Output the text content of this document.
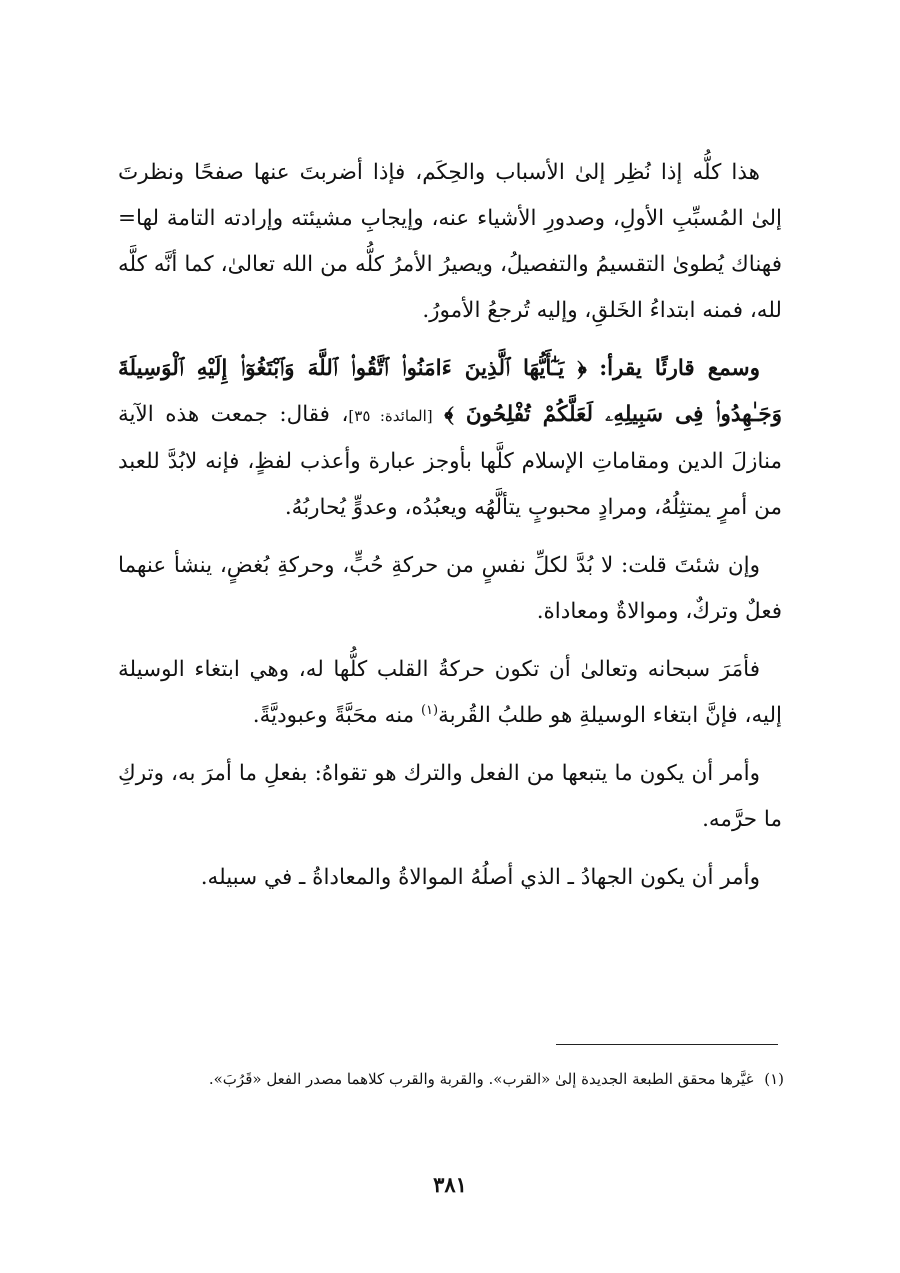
هذا كلُّه إذا نُظِر إلىٰ الأسباب والحِكَم، فإذا أضربتَ عنها صفحًا ونظرتَ إلىٰ المُسبِّبِ الأولِ، وصدورِ الأشياء عنه، وإيجابِ مشيئته وإرادته التامة لها= فهناك يُطوىٰ التقسيمُ والتفصيلُ، ويصيرُ الأمرُ كلُّه من الله تعالىٰ، كما أنَّه كلَّه لله، فمنه ابتداءُ الخَلقِ، وإليه تُرجعُ الأمورُ.

وسمع قارئًا يقرأ: ﴿ يَـٰٓأَيُّهَا ٱلَّذِينَ ءَامَنُوا۟ ٱتَّقُوا۟ ٱللَّهَ وَٱبْتَغُوٓا۟ إِلَيْهِ ٱلْوَسِيلَةَ وَجَـٰهِدُوا۟ فِى سَبِيلِهِۦ لَعَلَّكُمْ تُفْلِحُونَ ﴾ [المائدة: ٣٥]، فقال: جمعت هذه الآية منازلَ الدين ومقاماتِ الإسلام كلَّها بأوجز عبارة وأعذب لفظٍ، فإنه لابُدَّ للعبد من أمرٍ يمتثِلُهُ، ومرادٍ محبوبٍ يتألَّهُه ويعبُدُه، وعدوٍّ يُحاربُهُ.

وإن شئتَ قلت: لا بُدَّ لكلِّ نفسٍ من حركةِ حُبٍّ، وحركةِ بُغضٍ، ينشأ عنهما فعلٌ وتركٌ، وموالاةٌ ومعاداة.

فأمَرَ سبحانه وتعالىٰ أن تكون حركةُ القلب كلُّها له، وهي ابتغاء الوسيلة إليه، فإنَّ ابتغاء الوسيلةِ هو طلبُ القُربة$^{(١)}$ منه محَبَّةً وعبوديَّةً.

وأمر أن يكون ما يتبعها من الفعل والترك هو تقواهُ: بفعلِ ما أمرَ به، وتركِ ما حرَّمه.

وأمر أن يكون الجهادُ ـ الذي أصلُهُ الموالاةُ والمعاداةُ ـ في سبيله.

(١) غيَّرها محقق الطبعة الجديدة إلىٰ «القرب». والقربة والقرب كلاهما مصدر الفعل «قَرُبَ».
٣٨١
